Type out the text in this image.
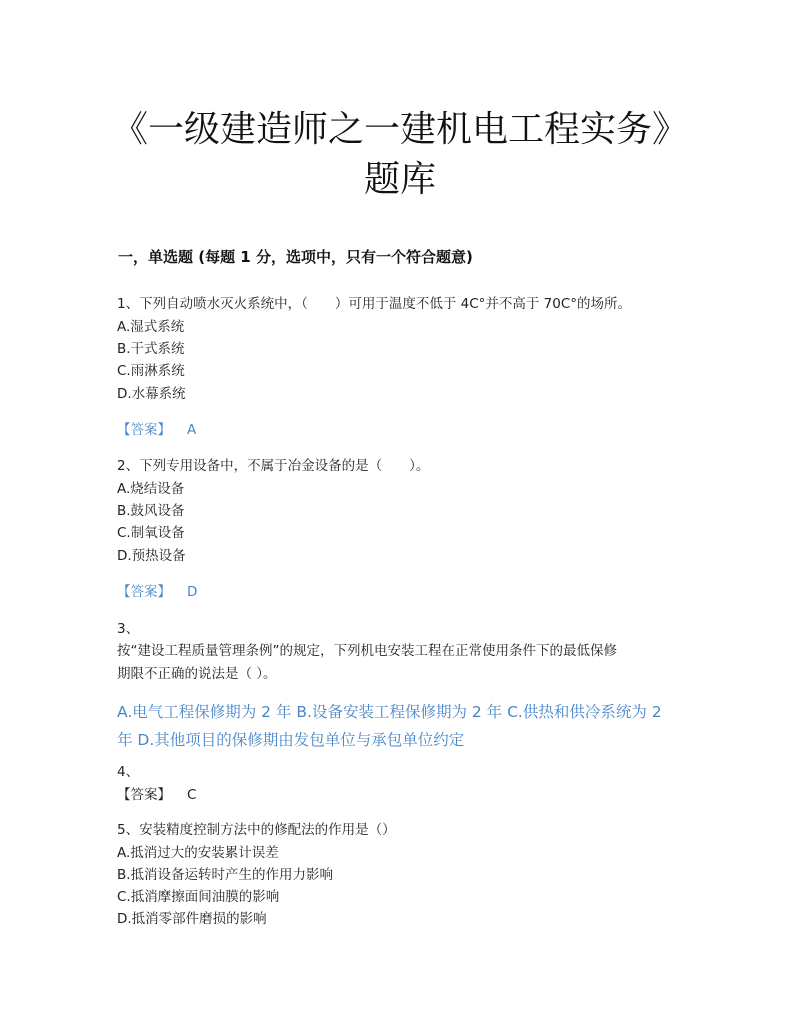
《一级建造师之一建机电工程实务》
题库
一，单选题 (每题 1 分，选项中，只有一个符合题意)
1、下列自动喷水灭火系统中，（　　）可用于温度不低于 4C°并不高于 70C°的场所。
A.湿式系统
B.干式系统
C.雨淋系统
D.水幕系统
【答案】 A
2、下列专用设备中，不属于冶金设备的是（　　）。
A.烧结设备
B.鼓风设备
C.制氧设备
D.预热设备
【答案】 D
3、
按“建设工程质量管理条例”的规定，下列机电安装工程在正常使用条件下的最低保修
期限不正确的说法是（ ）。
A.电气工程保修期为 2 年 B.设备安装工程保修期为 2 年 C.供热和供冷系统为 2 年 D.其他项目的保修期由发包单位与承包单位约定
4、
【答案】 C
5、安装精度控制方法中的修配法的作用是（）
A.抵消过大的安装累计误差
B.抵消设备运转时产生的作用力影响
C.抵消摩擦面间油膜的影响
D.抵消零部件磨损的影响
